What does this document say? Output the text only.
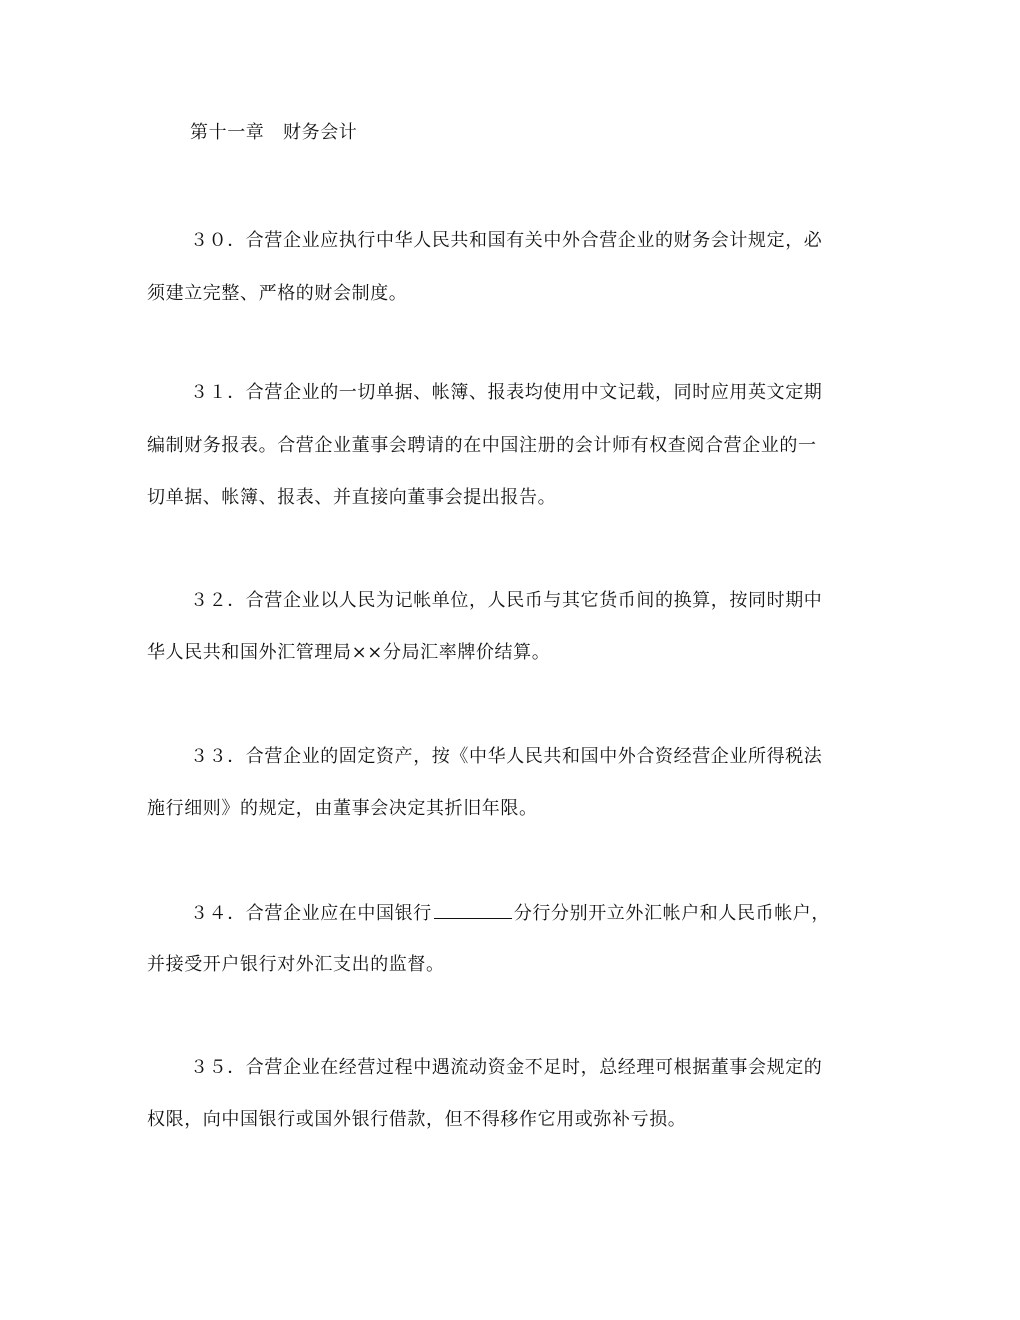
第十一章　财务会计
３０．合营企业应执行中华人民共和国有关中外合营企业的财务会计规定，必
须建立完整、严格的财会制度。
３１．合营企业的一切单据、帐簿、报表均使用中文记载，同时应用英文定期
编制财务报表。合营企业董事会聘请的在中国注册的会计师有权查阅合营企业的一
切单据、帐簿、报表、并直接向董事会提出报告。
３２．合营企业以人民为记帐单位，人民币与其它货币间的换算，按同时期中
华人民共和国外汇管理局××分局汇率牌价结算。
３３．合营企业的固定资产，按《中华人民共和国中外合资经营企业所得税法
施行细则》的规定，由董事会决定其折旧年限。
３４．合营企业应在中国银行	分行分别开立外汇帐户和人民币帐户，
并接受开户银行对外汇支出的监督。
３５．合营企业在经营过程中遇流动资金不足时，总经理可根据董事会规定的
权限，向中国银行或国外银行借款，但不得移作它用或弥补亏损。
